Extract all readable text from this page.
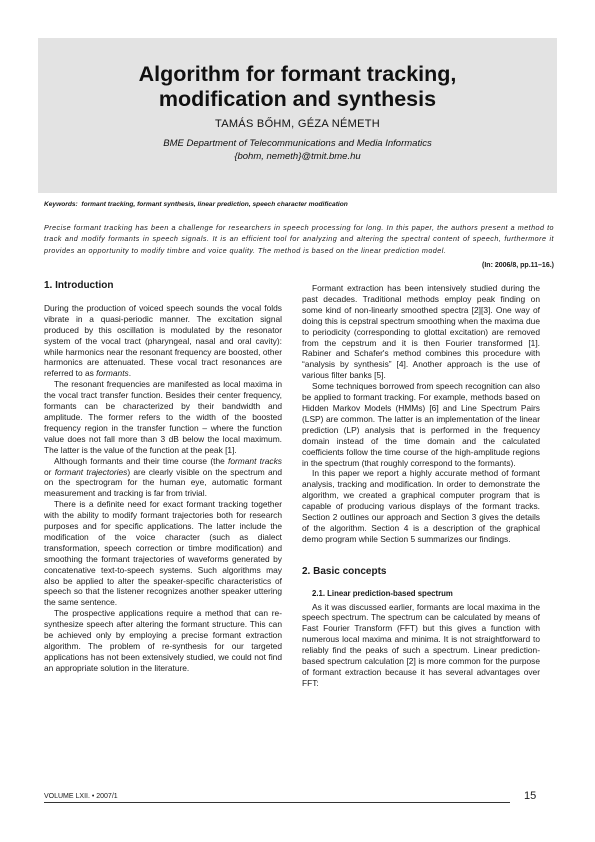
Algorithm for formant tracking,
modification and synthesis
TAMÁS BŐHM, GÉZA NÉMETH
BME Department of Telecommunications and Media Informatics
{bohm, nemeth}@tmit.bme.hu
Keywords: formant tracking, formant synthesis, linear prediction, speech character modification

Precise formant tracking has been a challenge for researchers in speech processing for long. In this paper, the authors present a method to track and modify formants in speech signals. It is an efficient tool for analyzing and altering the spectral content of speech, furthermore it provides an opportunity to modify timbre and voice quality. The method is based on the linear prediction model.

(In: 2006/8, pp.11–16.)
1. Introduction

During the production of voiced speech sounds the vocal folds vibrate in a quasi-periodic manner. The excitation signal produced by this oscillation is modulated by the resonator system of the vocal tract (pharyngeal, nasal and oral cavity): while harmonics near the resonant frequency are boosted, other harmonics are attenuated. These vocal tract resonances are referred to as formants.

The resonant frequencies are manifested as local maxima in the vocal tract transfer function. Besides their center frequency, formants can be characterized by their bandwidth and amplitude. The former refers to the width of the boosted frequency region in the transfer function – where the function value does not fall more than 3 dB below the local maximum. The latter is the value of the function at the peak [1].

Although formants and their time course (the formant tracks or formant trajectories) are clearly visible on the spectrum and on the spectrogram for the human eye, automatic formant measurement and tracking is far from trivial.

There is a definite need for exact formant tracking together with the ability to modify formant trajectories both for research purposes and for specific applications. The latter include the modification of the voice character (such as dialect transformation, speech correction or timbre modification) and smoothing the formant trajectories of waveforms generated by concatenative text-to-speech systems. Such algorithms may also be applied to alter the speaker-specific characteristics of speech so that the listener recognizes another speaker uttering the same sentence.

The prospective applications require a method that can re-synthesize speech after altering the formant structure. This can be achieved only by employing a precise formant extraction algorithm. The problem of re-synthesis for our targeted applications has not been extensively studied, we could not find an appropriate solution in the literature.

Formant extraction has been intensively studied during the past decades. Traditional methods employ peak finding on some kind of non-linearly smoothed spectra [2][3]. One way of doing this is cepstral spectrum smoothing when the maxima due to periodicity (corresponding to glottal excitation) are removed from the cepstrum and it is then Fourier transformed [1]. Rabiner and Schafer's method combines this procedure with “analysis by synthesis” [4]. Another approach is the use of various filter banks [5].

Some techniques borrowed from speech recognition can also be applied to formant tracking. For example, methods based on Hidden Markov Models (HMMs) [6] and Line Spectrum Pairs (LSP) are common. The latter is an implementation of the linear prediction (LP) analysis that is performed in the frequency domain instead of the time domain and the calculated coefficients follow the time course of the high-amplitude regions in the spectrum (that roughly correspond to the formants).

In this paper we report a highly accurate method of formant analysis, tracking and modification. In order to demonstrate the algorithm, we created a graphical computer program that is capable of producing various displays of the formant tracks. Section 2 outlines our approach and Section 3 gives the details of the algorithm. Section 4 is a description of the graphical demo program while Section 5 summarizes our findings.

2. Basic concepts
2.1. Linear prediction-based spectrum

As it was discussed earlier, formants are local maxima in the speech spectrum. The spectrum can be calculated by means of Fast Fourier Transform (FFT) but this gives a function with numerous local maxima and minima. It is not straightforward to reliably find the peaks of such a spectrum. Linear prediction-based spectrum calculation [2] is more common for the purpose of formant extraction because it has several advantages over FFT:

VOLUME LXII. • 2007/1	15
